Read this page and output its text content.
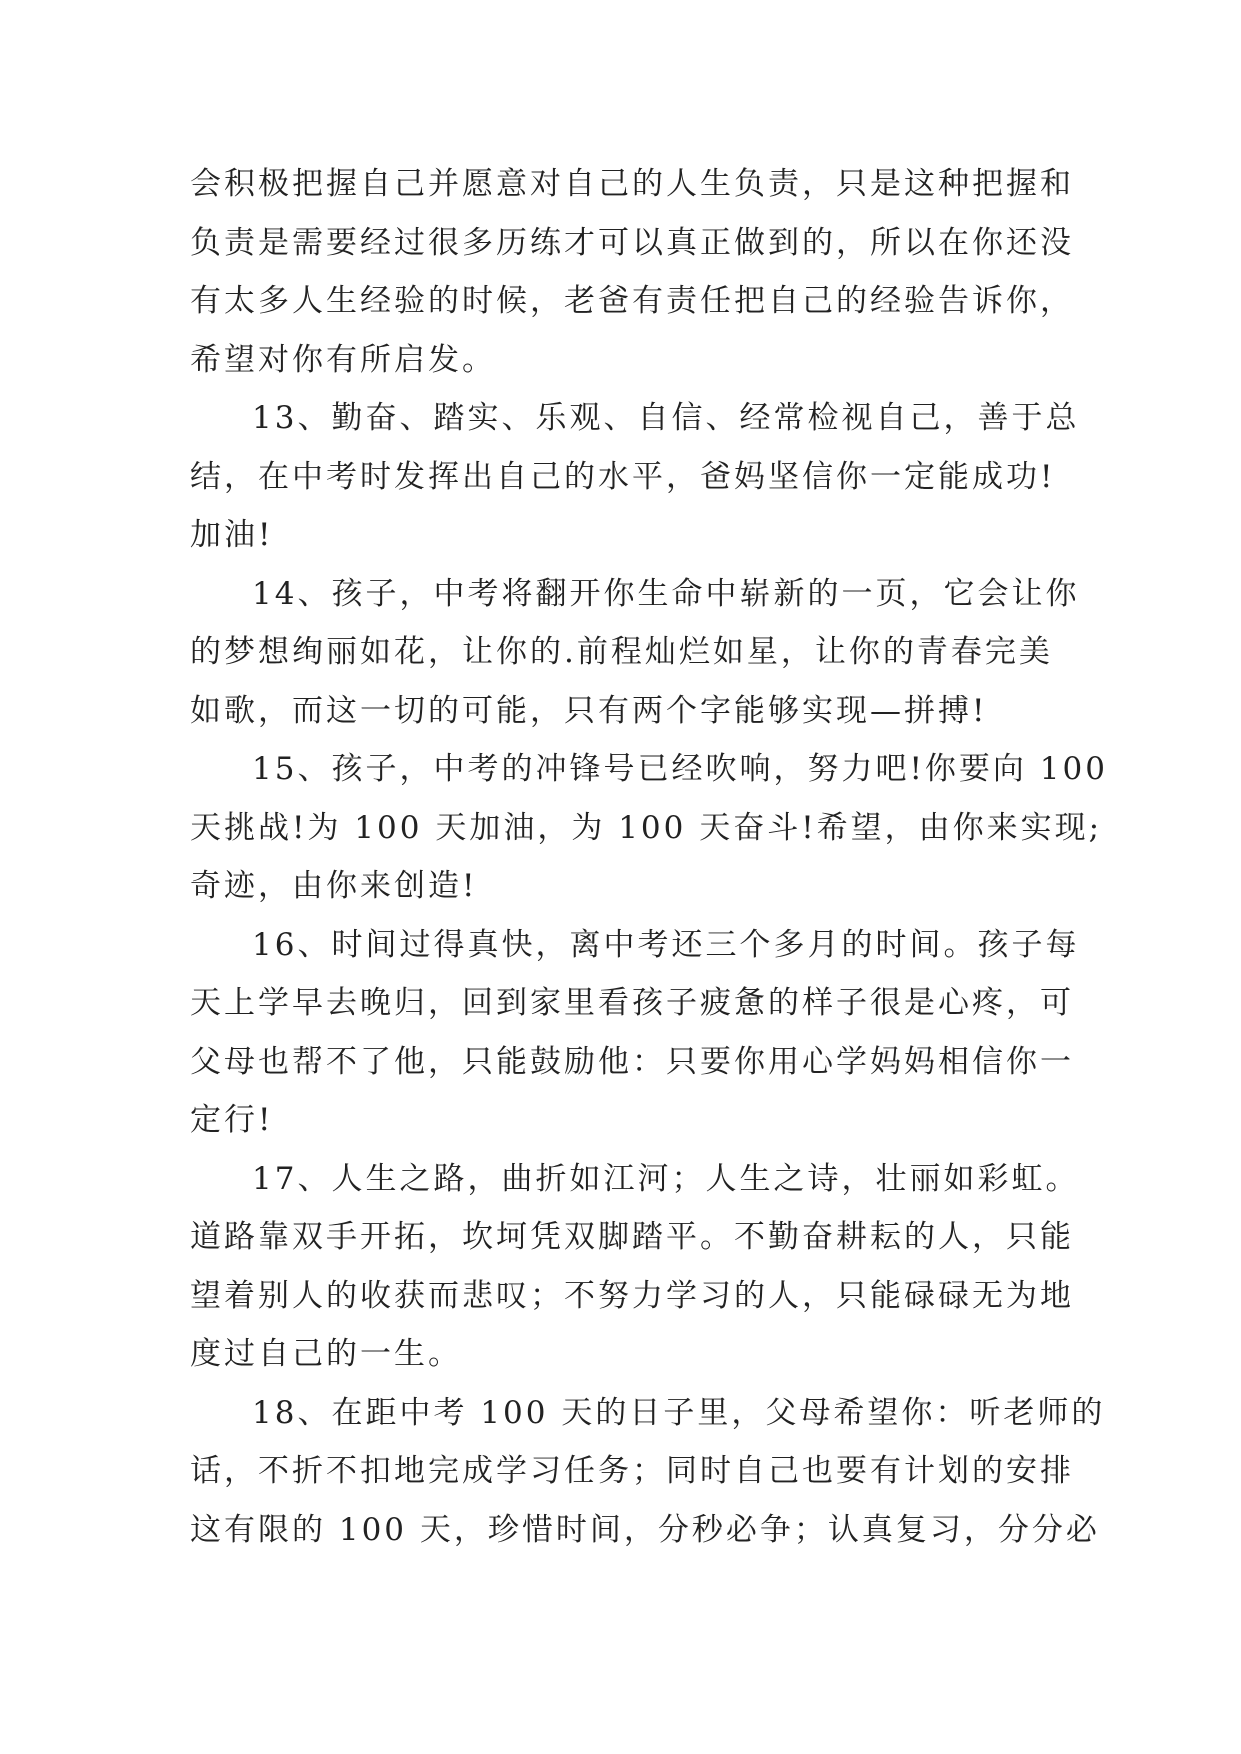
会积极把握自己并愿意对自己的人生负责，只是这种把握和
负责是需要经过很多历练才可以真正做到的，所以在你还没
有太多人生经验的时候，老爸有责任把自己的经验告诉你，
希望对你有所启发。
13、勤奋、踏实、乐观、自信、经常检视自己，善于总
结，在中考时发挥出自己的水平，爸妈坚信你一定能成功!
加油!
14、孩子，中考将翻开你生命中崭新的一页，它会让你
的梦想绚丽如花，让你的.前程灿烂如星，让你的青春完美
如歌，而这一切的可能，只有两个字能够实现—拼搏!
15、孩子，中考的冲锋号已经吹响，努力吧!你要向 100
天挑战!为 100 天加油，为 100 天奋斗!希望，由你来实现;
奇迹，由你来创造!
16、时间过得真快，离中考还三个多月的时间。孩子每
天上学早去晚归，回到家里看孩子疲惫的样子很是心疼，可
父母也帮不了他，只能鼓励他：只要你用心学妈妈相信你一
定行!
17、人生之路，曲折如江河；人生之诗，壮丽如彩虹。
道路靠双手开拓，坎坷凭双脚踏平。不勤奋耕耘的人，只能
望着别人的收获而悲叹；不努力学习的人，只能碌碌无为地
度过自己的一生。
18、在距中考 100 天的日子里，父母希望你：听老师的
话，不折不扣地完成学习任务；同时自己也要有计划的安排
这有限的 100 天，珍惜时间，分秒必争；认真复习，分分必
